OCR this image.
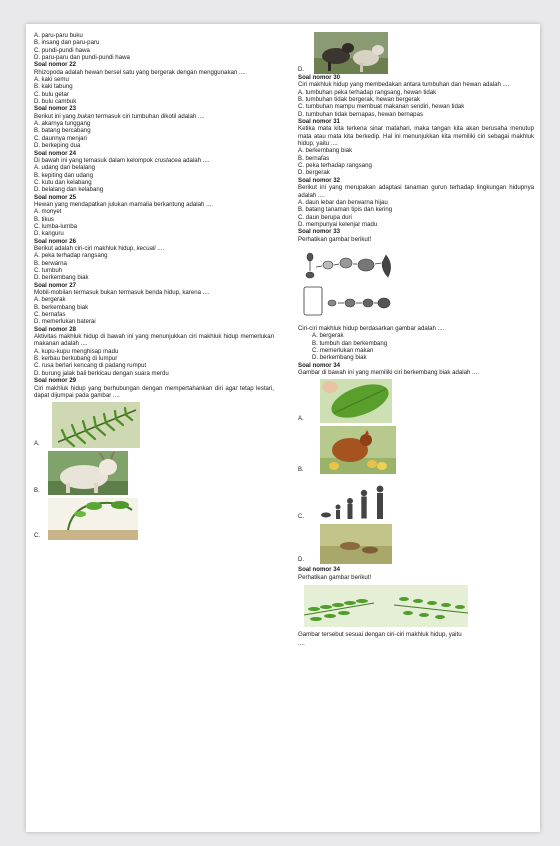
A. paru-paru buku

B. insang dan paru-paru

C. pundi-pundi hawa

D. paru-paru dan pundi-pundi hawa

Soal nomor 22

Rhizopoda adalah hewan bersel satu yang bergerak dengan menggunakan ....

A. kaki semu

B. kaki tabung

C. bulu getar

D. bulu cambuk

Soal nomor 23

Berikut ini yang bukan termasuk ciri tumbuhan dikotil adalah ....

A. akarnya tunggang

B. batang bercabang

C. daunnya menjari

D. berkeping dua

Soal nomor 24

Di bawah ini yang temasuk dalam kelompok crustacea adalah ....

A. udang dan belalang

B. kepiting dan udang

C. kutu dan kelabang

D. belalang dan kelabang

Soal nomor 25

Hewan yang mendapatkan julukan mamalia berkantung adalah ....

A. monyet

B. tikus

C. lumba-lumba

D. kanguru

Soal nomor 26

Berikut adalah ciri-ciri makhluk hidup, kecuali ....

A. peka terhadap rangsang

B. berwarna

C. tumbuh

D. berkembang biak

Soal nomor 27

Mobil-mobilan termasuk bukan termasuk benda hidup, karena ....

A. bergerak

B. berkembang biak

C. bernafas

D. memerlukan baterai

Soal nomor 28

Aktivitas makhluk hidup di bawah ini yang menunjukkan ciri makhluk hidup memerlukan makanan adalah ....

A. kupu-kupu menghisap madu

B. kerbau berkubang di lumpur

C. rusa berlari kencang di padang rumput

D. burung jalak bali berkicau dengan suara merdu

Soal nomor 29

Ciri makhluk hidup yang berhubungan dengan mempertahankan diri agar tetap lestari, dapat dijumpai pada gambar ....

A.
B.
C.
D.

Soal nomor 30

Ciri makhluk hidup yang membedakan antara tumbuhan dan hewan adalah ....

A. tumbuhan peka terhadap rangsang, hewan tidak

B. tumbuhan tidak bergerak, hewan bergerak

C. tumbuhan mampu membuat makanan sendiri, hewan tidak

D. tumbuhan tidak bernapas, hewan bernapas

Soal nomor 31

Ketika mata kita terkena sinar matahari, maka tangan kita akan berusaha menutup mata atau mata kita berkedip. Hal ini menunjukkan kita memiliki ciri sebagai makhluk hidup, yaitu ....

A. berkembang biak

B. bernafas

C. peka terhadap rangsang

D. bergerak

Soal nomor 32

Berikut ini yang merupakan adaptasi tanaman gurun terhadap lingkungan hidupnya adalah ....

A. daun lebar dan berwarna hijau

B. batang tanaman tipis dan kering

C. daun berupa duri

D. mempunyai kelenjar madu

Soal nomor 33

Perhatikan gambar berikut!

Ciri-ciri makhluk hidup berdasarkan gambar adalah ....

A. bergerak

B. tumbuh dan berkembang

C. memerlukan makan

D. berkembang biak

Soal nomor 34

Gambar di bawah ini yang memiliki ciri berkembang biak adalah ....

A.
B.
C.
D.

Soal nomor 34

Perhatikan gambar berikut!

Gambar tersebut sesuai dengan ciri-ciri makhluk hidup, yaitu

....
